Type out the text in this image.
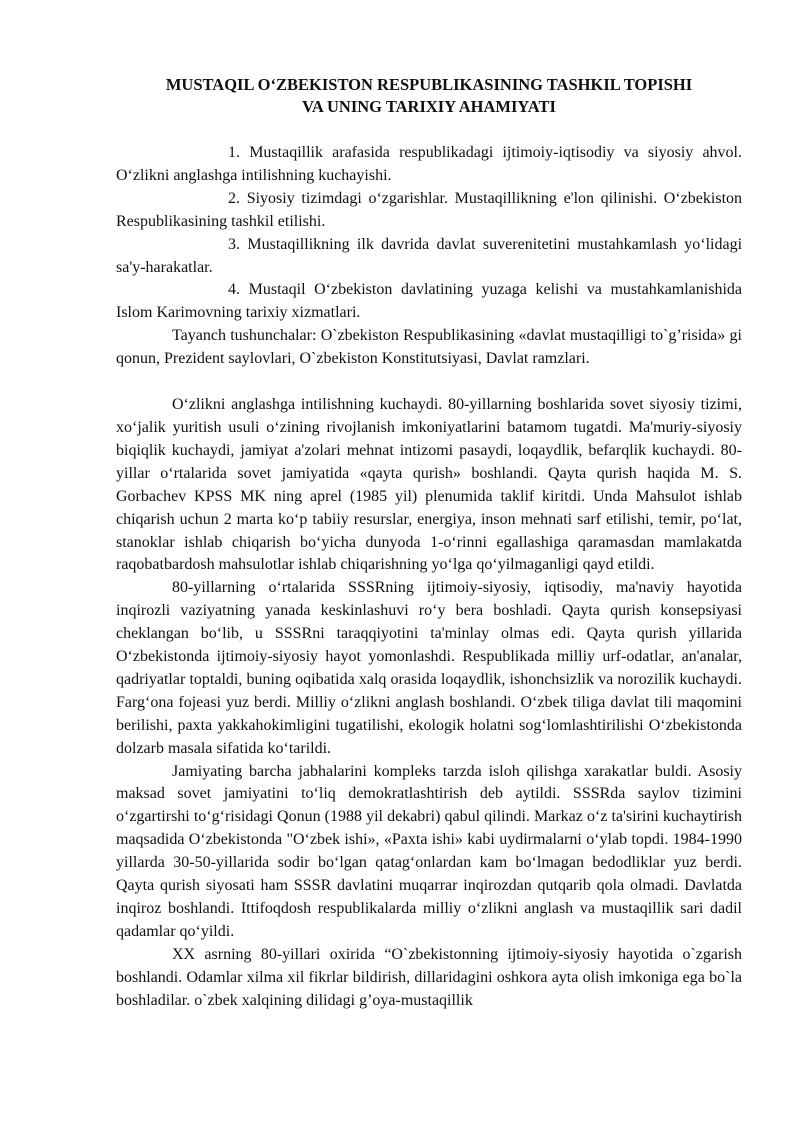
MUSTAQIL O‘ZBEKISTON RESPUBLIKASINING TASHKIL TOPISHI
VA UNING TARIXIY AHAMIYATI

1. Mustaqillik arafasida respublikadagi ijtimoiy-iqtisodiy va siyosiy ahvol. O‘zlikni anglashga intilishning kuchayishi.

2. Siyosiy tizimdagi o‘zgarishlar. Mustaqillikning e'lon qilinishi. O‘zbekiston Respublikasining tashkil etilishi.

3. Mustaqillikning ilk davrida davlat suverenitetini mustahkamlash yo‘lidagi sa'y-harakatlar.

4. Mustaqil O‘zbekiston davlatining yuzaga kelishi va mustahkamlanishida Islom Karimovning tarixiy xizmatlari.

Tayanch tushunchalar: O`zbekiston Respublikasining «davlat mustaqilligi to`g’risida» gi qonun, Prezident saylovlari, O`zbekiston Konstitutsiyasi, Davlat ramzlari.

O‘zlikni anglashga intilishning kuchaydi. 80-yillarning boshlarida sovet siyosiy tizimi, xo‘jalik yuritish usuli o‘zining rivojlanish imkoniyatlarini batamom tugatdi. Ma'muriy-siyosiy biqiqlik kuchaydi, jamiyat a'zolari mehnat intizomi pasaydi, loqaydlik, befarqlik kuchaydi. 80-yillar o‘rtalarida sovet jamiyatida «qayta qurish» boshlandi. Qayta qurish haqida M. S. Gorbachev KPSS MK ning aprel (1985 yil) plenumida taklif kiritdi. Unda Mahsulot ishlab chiqarish uchun 2 marta ko‘p tabiiy resurslar, energiya, inson mehnati sarf etilishi, temir, po‘lat, stanoklar ishlab chiqarish bo‘yicha dunyoda 1-o‘rinni egallashiga qaramasdan mamlakatda raqobatbardosh mahsulotlar ishlab chiqarishning yo‘lga qo‘yilmaganligi qayd etildi.

80-yillarning o‘rtalarida SSSRning ijtimoiy-siyosiy, iqtisodiy, ma'naviy hayotida inqirozli vaziyatning yanada keskinlashuvi ro‘y bera boshladi. Qayta qurish konsepsiyasi cheklangan bo‘lib, u SSSRni taraqqiyotini ta'minlay olmas edi. Qayta qurish yillarida O‘zbekistonda ijtimoiy-siyosiy hayot yomonlashdi. Respublikada milliy urf-odatlar, an'analar, qadriyatlar toptaldi, buning oqibatida xalq orasida loqaydlik, ishonchsizlik va norozilik kuchaydi. Farg‘ona fojeasi yuz berdi. Milliy o‘zlikni anglash boshlandi. O‘zbek tiliga davlat tili maqomini berilishi, paxta yakkahokimligini tugatilishi, ekologik holatni sog‘lomlashtirilishi O‘zbekistonda dolzarb masala sifatida ko‘tarildi.

Jamiyating barcha jabhalarini kompleks tarzda isloh qilishga xarakatlar buldi. Asosiy maksad sovet jamiyatini to‘liq demokratlashtirish deb aytildi. SSSRda saylov tizimini o‘zgartirshi to‘g‘risidagi Qonun (1988 yil dekabri) qabul qilindi. Markaz o‘z ta'sirini kuchaytirish maqsadida O‘zbekistonda "O‘zbek ishi», «Paxta ishi» kabi uydirmalarni o‘ylab topdi. 1984-1990 yillarda 30-50-yillarida sodir bo‘lgan qatag‘onlardan kam bo‘lmagan bedodliklar yuz berdi. Qayta qurish siyosati ham SSSR davlatini muqarrar inqirozdan qutqarib qola olmadi. Davlatda inqiroz boshlandi. Ittifoqdosh respublikalarda milliy o‘zlikni anglash va mustaqillik sari dadil qadamlar qo‘yildi.

XX asrning 80-yillari oxirida “O`zbekistonning ijtimoiy-siyosiy hayotida o`zgarish boshlandi. Odamlar xilma xil fikrlar bildirish, dillaridagini oshkora ayta olish imkoniga ega bo`la boshladilar. o`zbek xalqining dilidagi g’oya-mustaqillik
